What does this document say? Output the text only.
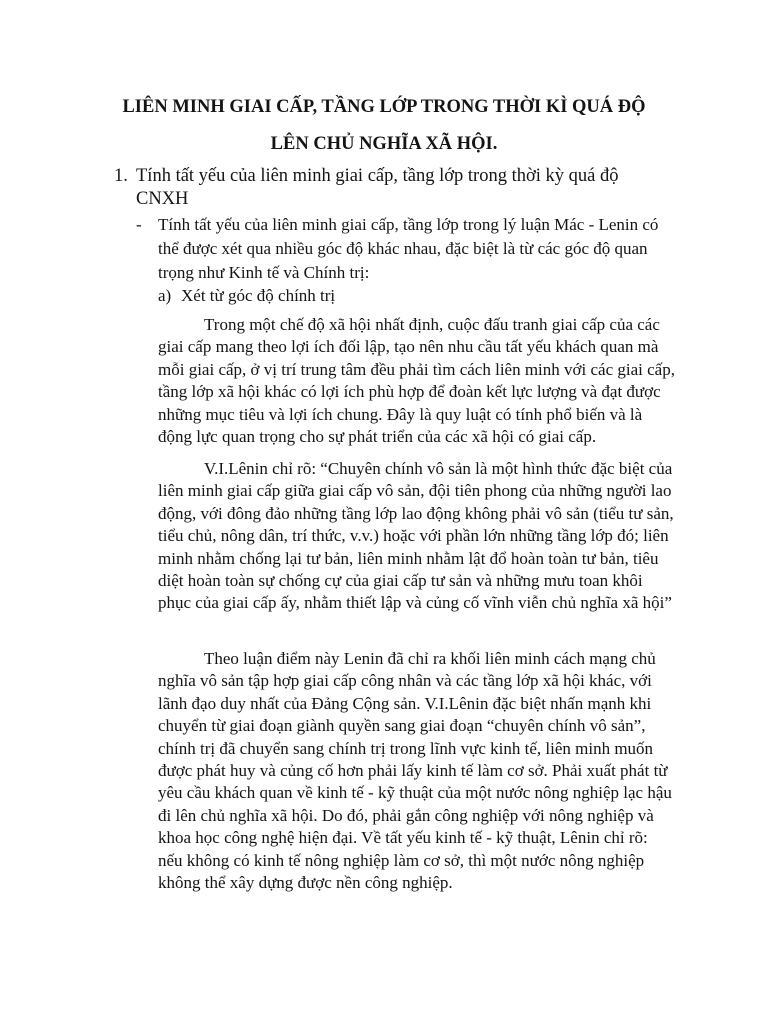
LIÊN MINH GIAI CẤP, TẦNG LỚP TRONG THỜI KÌ QUÁ ĐỘ
LÊN CHỦ NGHĨA XÃ HỘI.
1. Tính tất yếu của liên minh giai cấp, tầng lớp trong thời kỳ quá độ CNXH
- Tính tất yếu của liên minh giai cấp, tầng lớp trong lý luận Mác - Lenin có thể được xét qua nhiều góc độ khác nhau, đặc biệt là từ các góc độ quan trọng như Kinh tế và Chính trị:
a) Xét từ góc độ chính trị

Trong một chế độ xã hội nhất định, cuộc đấu tranh giai cấp của các giai cấp mang theo lợi ích đối lập, tạo nên nhu cầu tất yếu khách quan mà mỗi giai cấp, ở vị trí trung tâm đều phải tìm cách liên minh với các giai cấp, tầng lớp xã hội khác có lợi ích phù hợp để đoàn kết lực lượng và đạt được những mục tiêu và lợi ích chung. Đây là quy luật có tính phổ biến và là động lực quan trọng cho sự phát triển của các xã hội có giai cấp.

V.I.Lênin chỉ rõ: “Chuyên chính vô sản là một hình thức đặc biệt của liên minh giai cấp giữa giai cấp vô sản, đội tiên phong của những người lao động, với đông đảo những tầng lớp lao động không phải vô sản (tiểu tư sản, tiểu chủ, nông dân, trí thức, v.v.) hoặc với phần lớn những tầng lớp đó; liên minh nhằm chống lại tư bản, liên minh nhằm lật đổ hoàn toàn tư bản, tiêu diệt hoàn toàn sự chống cự của giai cấp tư sản và những mưu toan khôi phục của giai cấp ấy, nhằm thiết lập và củng cố vĩnh viễn chủ nghĩa xã hội”

Theo luận điểm này Lenin đã chỉ ra khối liên minh cách mạng chủ nghĩa vô sản tập hợp giai cấp công nhân và các tầng lớp xã hội khác, với lãnh đạo duy nhất của Đảng Cộng sản. V.I.Lênin đặc biệt nhấn mạnh khi chuyển từ giai đoạn giành quyền sang giai đoạn “chuyên chính vô sản”, chính trị đã chuyển sang chính trị trong lĩnh vực kinh tế, liên minh muốn được phát huy và củng cố hơn phải lấy kinh tế làm cơ sở. Phải xuất phát từ yêu cầu khách quan về kinh tế - kỹ thuật của một nước nông nghiệp lạc hậu đi lên chủ nghĩa xã hội. Do đó, phải gắn công nghiệp với nông nghiệp và khoa học công nghệ hiện đại. Về tất yếu kinh tế - kỹ thuật, Lênin chỉ rõ: nếu không có kinh tế nông nghiệp làm cơ sở, thì một nước nông nghiệp không thể xây dựng được nền công nghiệp.
